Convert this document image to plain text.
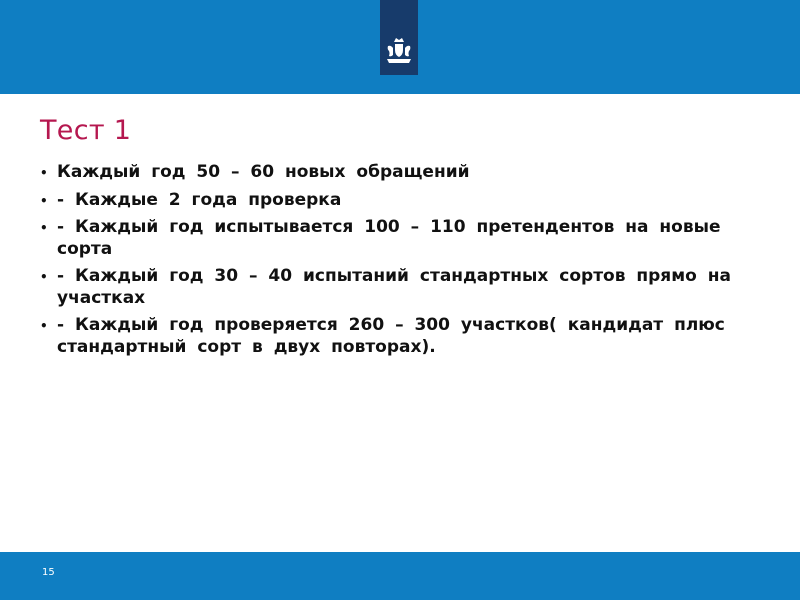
Тест 1
• Каждый год 50 – 60 новых обращений
• - Каждые 2 года проверка
• - Каждый год испытывается 100 – 110 претендентов на новые сорта
• - Каждый год 30 – 40 испытаний стандартных сортов прямо на участках
• - Каждый год проверяется 260 – 300 участков( кандидат плюс стандартный сорт в двух повторах).
15
